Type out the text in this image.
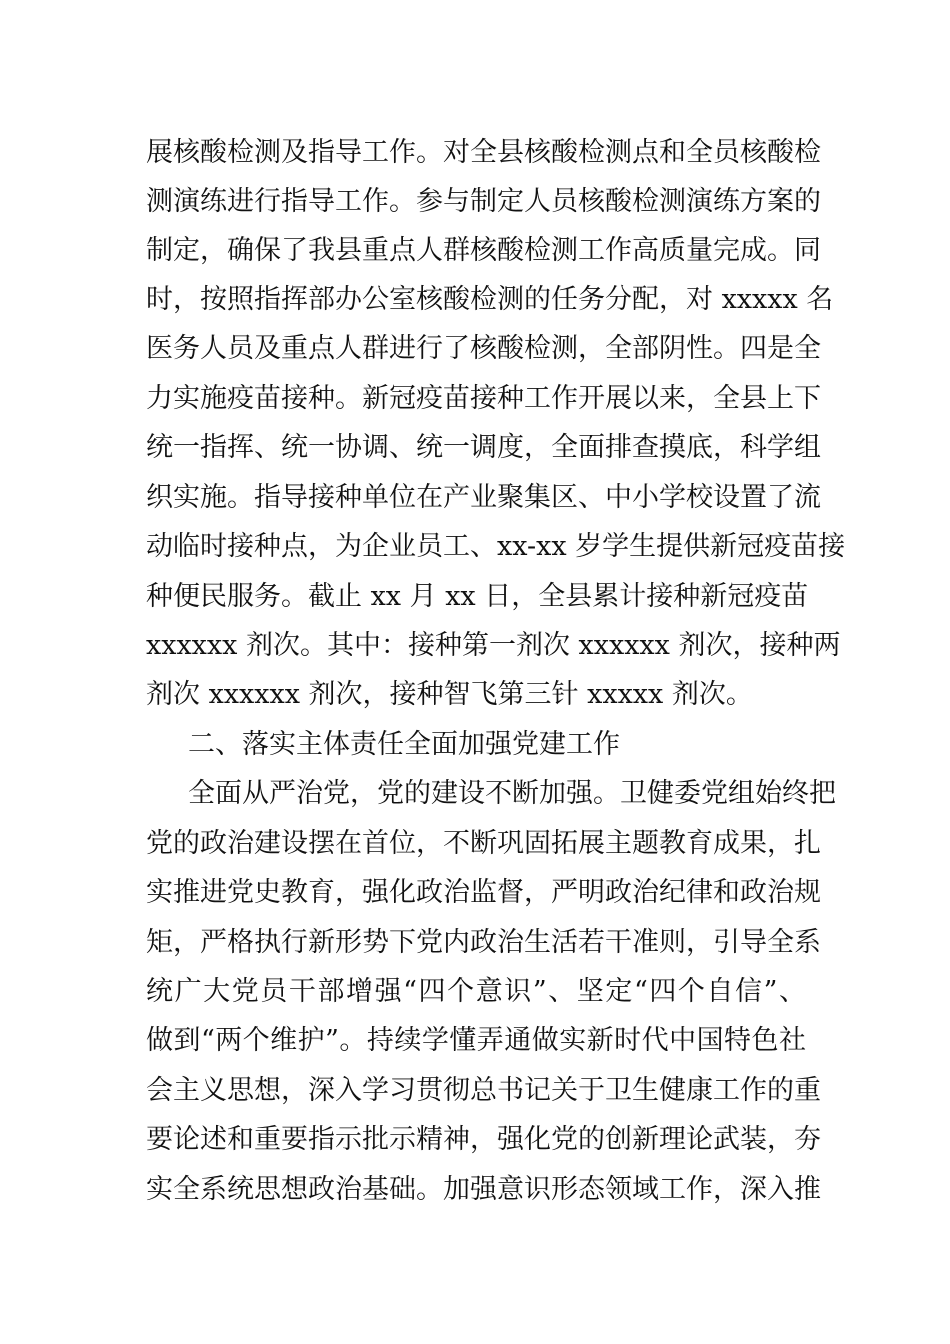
展核酸检测及指导工作。对全县核酸检测点和全员核酸检
测演练进行指导工作。参与制定人员核酸检测演练方案的
制定，确保了我县重点人群核酸检测工作高质量完成。同
时，按照指挥部办公室核酸检测的任务分配，对 xxxxx 名
医务人员及重点人群进行了核酸检测，全部阴性。四是全
力实施疫苗接种。新冠疫苗接种工作开展以来，全县上下
统一指挥、统一协调、统一调度，全面排查摸底，科学组
织实施。指导接种单位在产业聚集区、中小学校设置了流
动临时接种点，为企业员工、xx-xx 岁学生提供新冠疫苗接
种便民服务。截止 xx 月 xx 日，全县累计接种新冠疫苗
xxxxxx 剂次。其中：接种第一剂次 xxxxxx 剂次，接种两
剂次 xxxxxx 剂次，接种智飞第三针 xxxxx 剂次。
二、落实主体责任全面加强党建工作
全面从严治党，党的建设不断加强。卫健委党组始终把
党的政治建设摆在首位，不断巩固拓展主题教育成果，扎
实推进党史教育，强化政治监督，严明政治纪律和政治规
矩，严格执行新形势下党内政治生活若干准则，引导全系
统广大党员干部增强“四个意识”、坚定“四个自信”、
做到“两个维护”。持续学懂弄通做实新时代中国特色社
会主义思想，深入学习贯彻总书记关于卫生健康工作的重
要论述和重要指示批示精神，强化党的创新理论武装，夯
实全系统思想政治基础。加强意识形态领域工作，深入推
